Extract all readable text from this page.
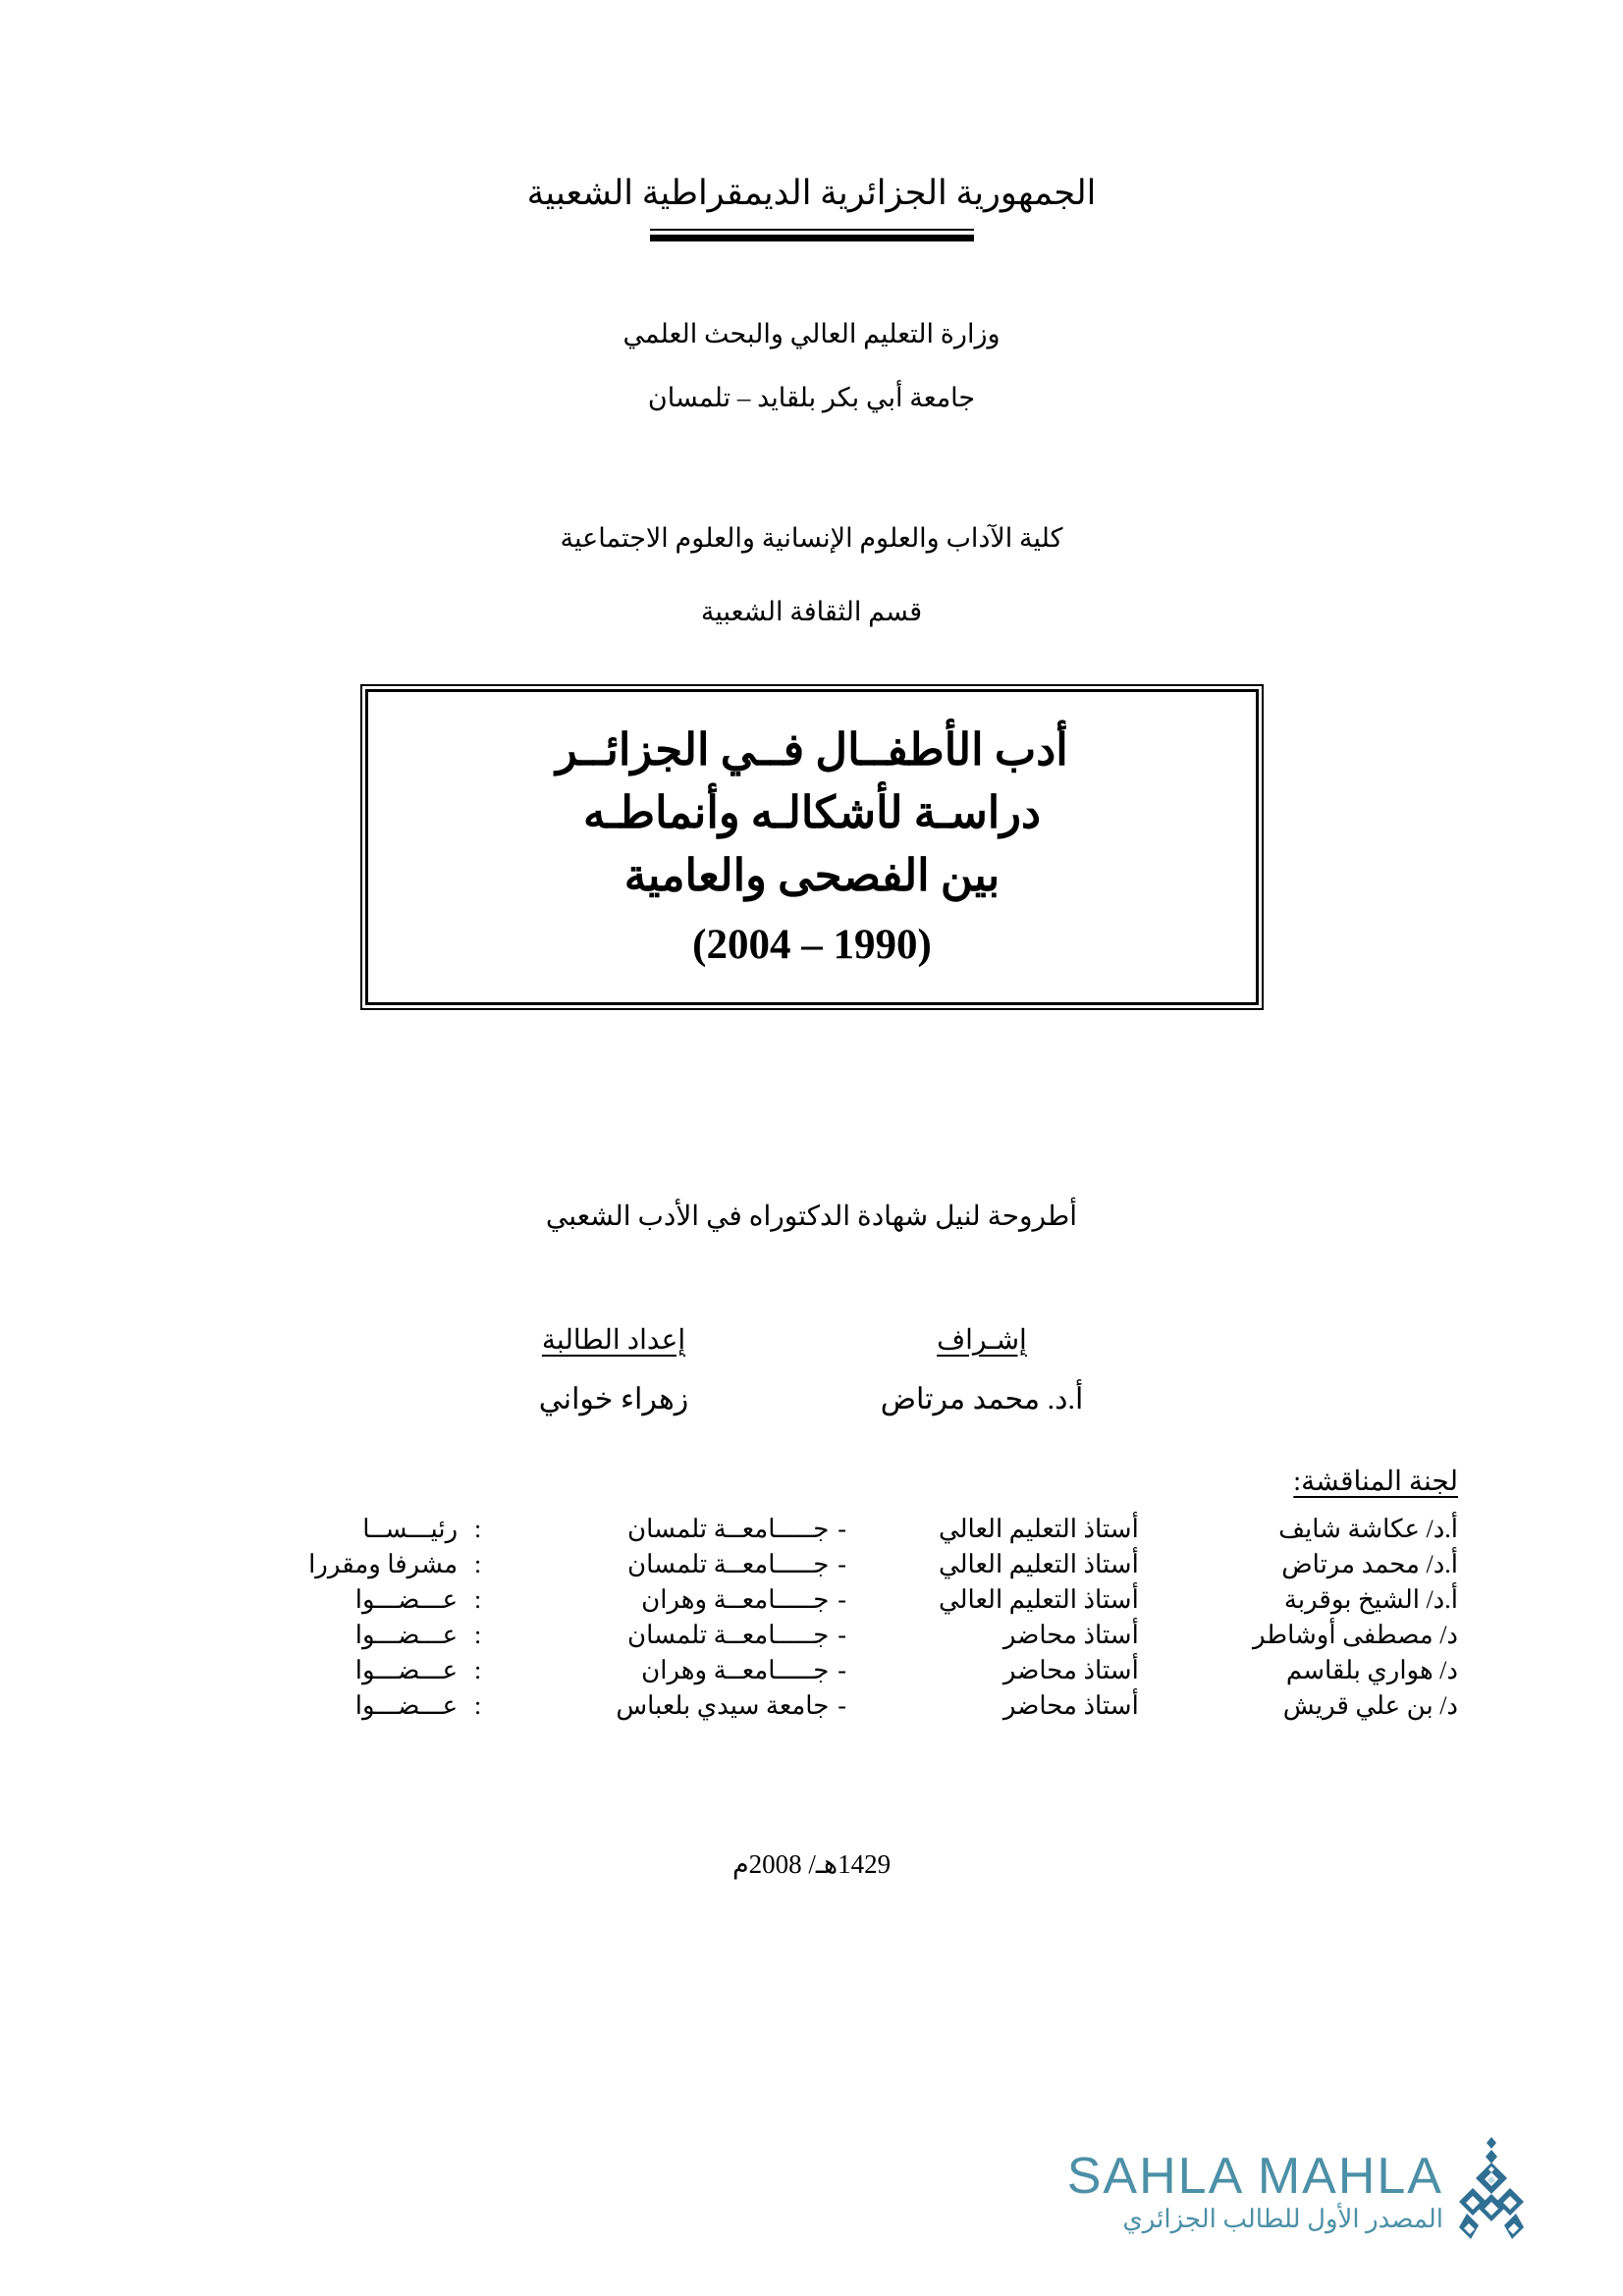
الجمهورية الجزائرية الديمقراطية الشعبية
وزارة التعليم العالي والبحث العلمي
جامعة أبي بكر بلقايد – تلمسان
كلية الآداب والعلوم الإنسانية والعلوم الاجتماعية
قسم الثقافة الشعبية
أدب الأطفــال فــي الجزائــر
دراسـة لأشكالـه وأنماطـه
بين الفصحى والعامية
(2004 – 1990)
أطروحة لنيل شهادة الدكتوراه في الأدب الشعبي
إشـراف
أ.د. محمد مرتاض
إعداد الطالبة
زهراء خواني
لجنة المناقشة:
أ.د/ عكاشة شايف	أستاذ التعليم العالي	-	جـــــامعــة تلمسان	:	رئيـــســا
أ.د/ محمد مرتاض	أستاذ التعليم العالي	-	جـــــامعــة تلمسان	:	مشرفا ومقررا
أ.د/ الشيخ بوقربة	أستاذ التعليم العالي	-	جـــــامعــة وهران	:	عـــضـــوا
د/ مصطفى أوشاطر	أستاذ محاضر	-	جـــــامعــة تلمسان	:	عـــضـــوا
د/ هواري بلقاسم	أستاذ محاضر	-	جـــــامعــة وهران	:	عـــضـــوا
د/ بن علي قريش	أستاذ محاضر	-	جامعة سيدي بلعباس	:	عـــضـــوا
1429هـ/ 2008م
SAHLA MAHLA
المصدر الأول للطالب الجزائري
